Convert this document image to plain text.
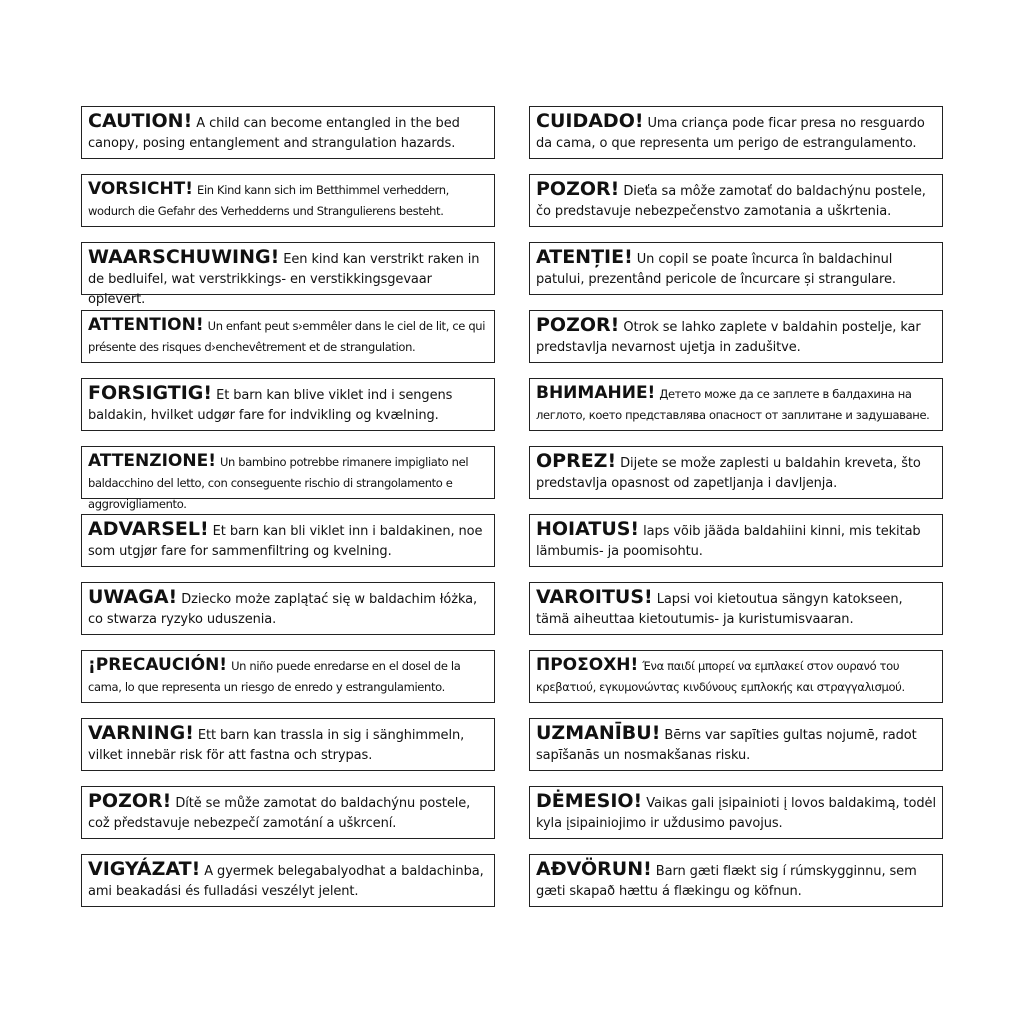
CAUTION! A child can become entangled in the bed canopy, posing entanglement and strangulation hazards.
VORSICHT! Ein Kind kann sich im Betthimmel verheddern, wodurch die Gefahr des Verhedderns und Strangulierens besteht.
WAARSCHUWING! Een kind kan verstrikt raken in de bedluifel, wat verstrikkings- en verstikkingsgevaar oplevert.
ATTENTION! Un enfant peut s›emmêler dans le ciel de lit, ce qui présente des risques d›enchevêtrement et de strangulation.
FORSIGTIG! Et barn kan blive viklet ind i sengens baldakin, hvilket udgør fare for indvikling og kvælning.
ATTENZIONE! Un bambino potrebbe rimanere impigliato nel baldacchino del letto, con conseguente rischio di strangolamento e aggrovigliamento.
ADVARSEL! Et barn kan bli viklet inn i baldakinen, noe som utgjør fare for sammenfiltring og kvelning.
UWAGA! Dziecko może zaplątać się w baldachim łóżka, co stwarza ryzyko uduszenia.
¡PRECAUCIÓN! Un niño puede enredarse en el dosel de la cama, lo que representa un riesgo de enredo y estrangulamiento.
VARNING! Ett barn kan trassla in sig i sänghimmeln, vilket innebär risk för att fastna och strypas.
POZOR! Dítě se může zamotat do baldachýnu postele, což představuje nebezpečí zamotání a uškrcení.
VIGYÁZAT! A gyermek belegabalyodhat a baldachinba, ami beakadási és fulladási veszélyt jelent.
CUIDADO! Uma criança pode ficar presa no resguardo da cama, o que representa um perigo de estrangulamento.
POZOR! Dieťa sa môže zamotať do baldachýnu postele, čo predstavuje nebezpečenstvo zamotania a uškrtenia.
ATENȚIE! Un copil se poate încurca în baldachinul patului, prezentând pericole de încurcare și strangulare.
POZOR! Otrok se lahko zaplete v baldahin postelje, kar predstavlja nevarnost ujetja in zadušitve.
ВНИМАНИЕ! Детето може да се заплете в балдахина на леглото, което представлява опасност от заплитане и задушаване.
OPREZ! Dijete se može zaplesti u baldahin kreveta, što predstavlja opasnost od zapetljanja i davljenja.
HOIATUS! laps võib jääda baldahiini kinni, mis tekitab lämbumis- ja poomisohtu.
VAROITUS! Lapsi voi kietoutua sängyn katokseen, tämä aiheuttaa kietoutumis- ja kuristumisvaaran.
ΠΡΟΣΟΧΗ! Ένα παιδί μπορεί να εμπλακεί στον ουρανό του κρεβατιού, εγκυμονώντας κινδύνους εμπλοκής και στραγγαλισμού.
UZMANĪBU! Bērns var sapīties gultas nojumē, radot sapīšanās un nosmakšanas risku.
DĖMESIO! Vaikas gali įsipainioti į lovos baldakimą, todėl kyla įsipainiojimo ir uždusimo pavojus.
AÐVÖRUN! Barn gæti flækt sig í rúmskygginnu, sem gæti skapað hættu á flækingu og köfnun.
